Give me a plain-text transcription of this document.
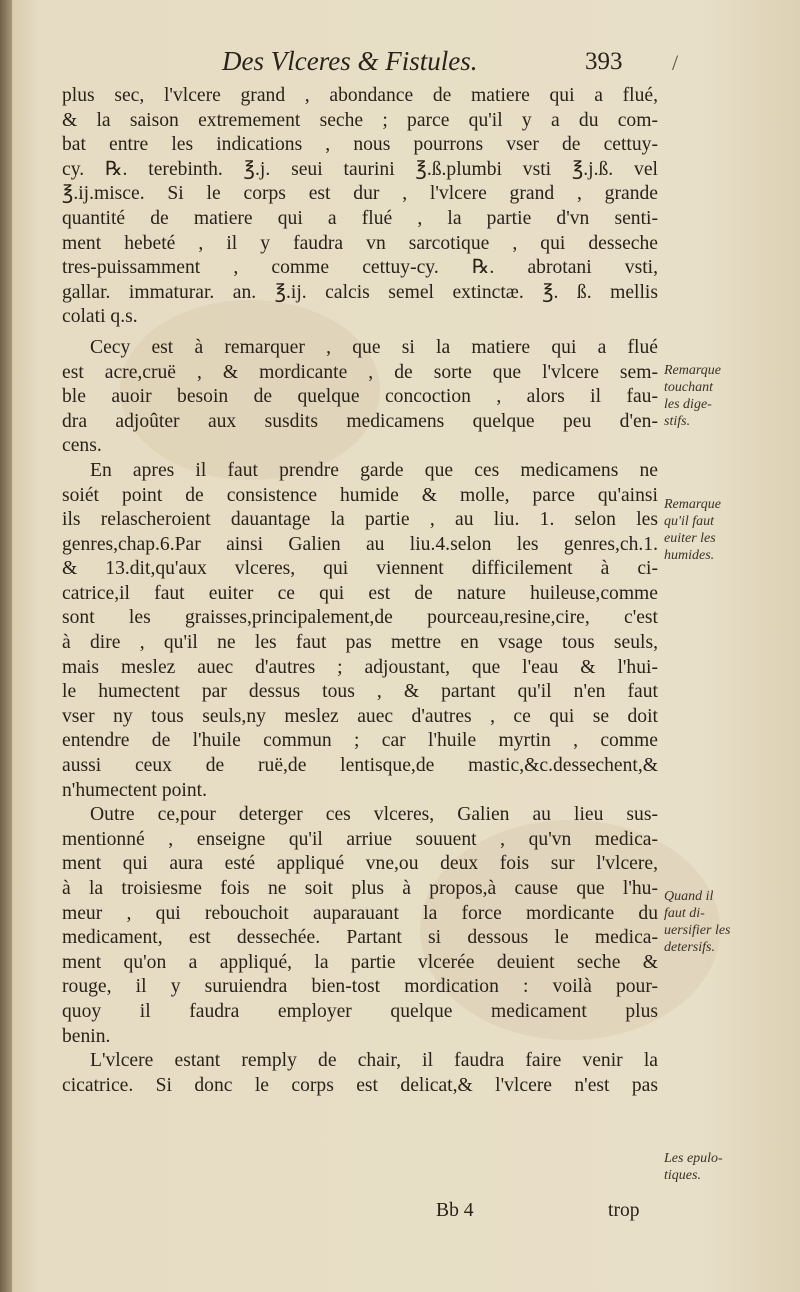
Des Vlceres & Fistules.	393 /
plus sec, l'vlcere grand , abondance de matiere qui a flué,
& la saison extremement seche ; parce qu'il y a du com-
bat entre les indications , nous pourrons vser de cettuy-
cy. ℞. terebinth. ℥.j. seui taurini ℥.ß.plumbi vsti ℥.j.ß. vel
℥.ij.misce. Si le corps est dur , l'vlcere grand , grande
quantité de matiere qui a flué , la partie d'vn senti-
ment hebeté , il y faudra vn sarcotique , qui desseche
tres-puissamment , comme cettuy-cy. ℞. abrotani vsti,
gallar. immaturar. an. ℥.ij. calcis semel extinctæ. ℥. ß. mellis
colati q.s.
Cecy est à remarquer , que si la matiere qui a flué
est acre,cruë , & mordicante , de sorte que l'vlcere sem-
ble auoir besoin de quelque concoction , alors il fau-
dra adjoûter aux susdits medicamens quelque peu d'en-
cens.
En apres il faut prendre garde que ces medicamens ne
soiét point de consistence humide & molle, parce qu'ainsi
ils relascheroient dauantage la partie , au liu. 1. selon les
genres,chap.6.Par ainsi Galien au liu.4.selon les genres,ch.1.
& 13.dit,qu'aux vlceres, qui viennent difficilement à ci-
catrice,il faut euiter ce qui est de nature huileuse,comme
sont les graisses,principalement,de pourceau,resine,cire, c'est
à dire , qu'il ne les faut pas mettre en vsage tous seuls,
mais meslez auec d'autres ; adjoustant, que l'eau & l'hui-
le humectent par dessus tous , & partant qu'il n'en faut
vser ny tous seuls,ny meslez auec d'autres , ce qui se doit
entendre de l'huile commun ; car l'huile myrtin , comme
aussi ceux de ruë,de lentisque,de mastic,&c.dessechent,&
n'humectent point.
Outre ce,pour deterger ces vlceres, Galien au lieu sus-
mentionné , enseigne qu'il arriue souuent , qu'vn medica-
ment qui aura esté appliqué vne,ou deux fois sur l'vlcere,
à la troisiesme fois ne soit plus à propos,à cause que l'hu-
meur , qui rebouchoit auparauant la force mordicante du
medicament, est dessechée. Partant si dessous le medica-
ment qu'on a appliqué, la partie vlcerée deuient seche &
rouge, il y suruiendra bien-tost mordication : voilà pour-
quoy il faudra employer quelque medicament plus
benin.
L'vlcere estant remply de chair, il faudra faire venir la
cicatrice. Si donc le corps est delicat,& l'vlcere n'est pas
Remarque
touchant
les dige-
stifs.
Remarque
qu'il faut
euiter les
humides.
Quand il
faut di-
uersifier les
detersifs.
Les epulo-
tiques.
Bb 4	trop
